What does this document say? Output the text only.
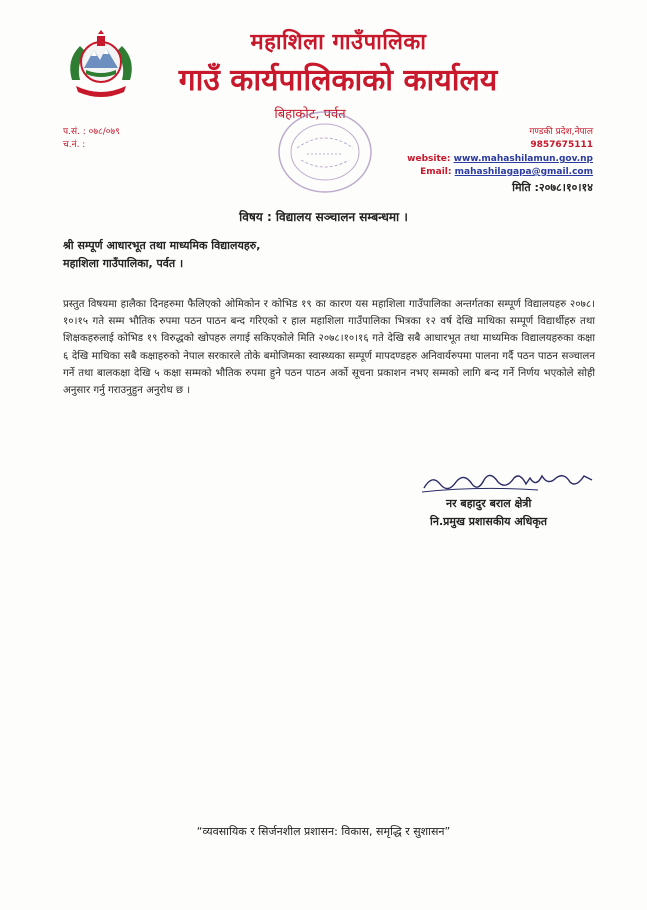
महाशिला गाउँपालिका
गाउँ कार्यपालिकाको कार्यालय
बिहाकोट, पर्वत
प.सं. : ०७८/०७९
च.नं. :
गण्डकी प्रदेश,नेपाल
9857675111
website: www.mahashilamun.gov.np
Email: mahashilagapa@gmail.com
मिति :२०७८।१०।१४
विषय : विद्यालय सञ्चालन सम्बन्धमा ।
श्री सम्पूर्ण आधारभूत तथा माध्यमिक विद्यालयहरु,
महाशिला गाउँपालिका, पर्वत ।
प्रस्तुत विषयमा हालैका दिनहरुमा फैलिएको ओमिकोन र कोभिड १९ का कारण यस महाशिला गाउँपालिका अन्तर्गतका सम्पूर्ण विद्यालयहरु २०७८।१०।१५ गते सम्म भौतिक रुपमा पठन पाठन बन्द गरिएको र हाल महाशिला गाउँपालिका भित्रका १२ वर्ष देखि माथिका सम्पूर्ण विद्यार्थीहरु तथा शिक्षकहरुलाई कोभिड १९ विरुद्धको खोपहरु लगाई सकिएकोले मिति २०७८।१०।१६ गते देखि सबै आधारभूत तथा माध्यमिक विद्यालयहरुका कक्षा ६ देखि माथिका सबै कक्षाहरुको नेपाल सरकारले तोके बमोजिमका स्वास्थ्यका सम्पूर्ण मापदण्डहरु अनिवार्यरुपमा पालना गर्दै पठन पाठन सञ्चालन गर्ने तथा बालकक्षा देखि ५ कक्षा सम्मको भौतिक रुपमा हुने पठन पाठन अर्को सूचना प्रकाशन नभए सम्मको लागि बन्द गर्ने निर्णय भएकोले सोही अनुसार गर्नु गराउनुहुन अनुरोध छ ।
नर बहादुर बराल क्षेत्री
नि.प्रमुख प्रशासकीय अधिकृत
“व्यवसायिक र सिर्जनशील प्रशासन: विकास, समृद्धि र सुशासन”
